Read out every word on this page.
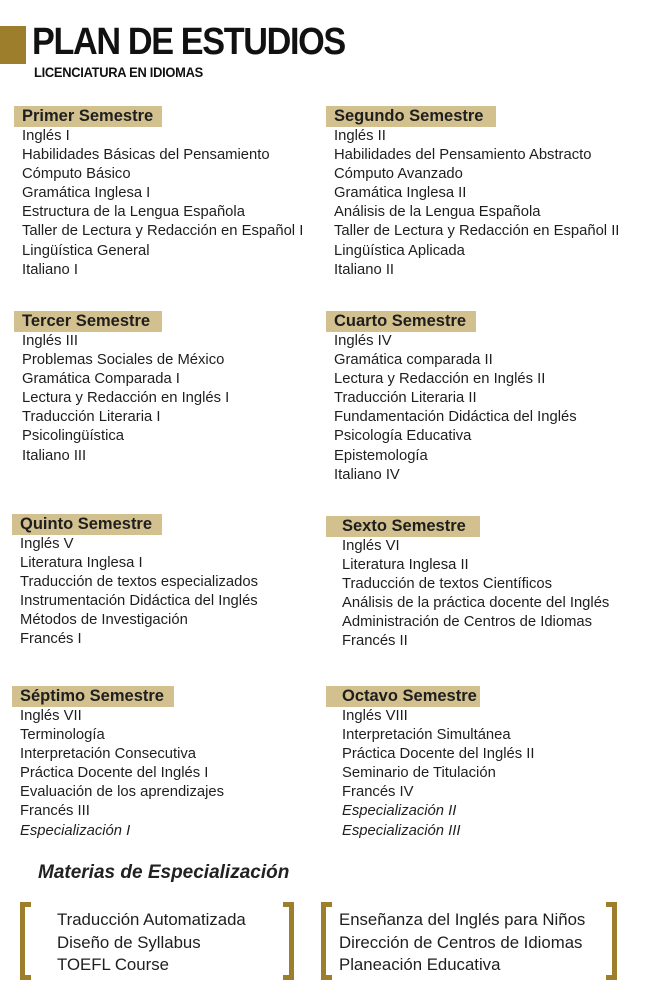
PLAN DE ESTUDIOS
LICENCIATURA EN IDIOMAS
Primer Semestre
Inglés I
Habilidades Básicas del Pensamiento
Cómputo Básico
Gramática Inglesa I
Estructura de la Lengua Española
Taller de Lectura y Redacción en Español I
Lingüística General
Italiano I
Segundo Semestre
Inglés II
Habilidades del Pensamiento Abstracto
Cómputo Avanzado
Gramática Inglesa II
Análisis de la Lengua Española
Taller de Lectura y Redacción en Español II
Lingüística Aplicada
Italiano II
Tercer Semestre
Inglés III
Problemas Sociales de México
Gramática Comparada I
Lectura y Redacción en Inglés I
Traducción Literaria I
Psicolingüística
Italiano III
Cuarto Semestre
Inglés IV
Gramática comparada II
Lectura y Redacción en Inglés II
Traducción Literaria II
Fundamentación Didáctica del Inglés
Psicología Educativa
Epistemología
Italiano IV
Quinto Semestre
Inglés V
Literatura Inglesa I
Traducción de textos especializados
Instrumentación Didáctica del Inglés
Métodos de Investigación
Francés I
Sexto Semestre
Inglés VI
Literatura Inglesa II
Traducción de textos Científicos
Análisis de la práctica docente del Inglés
Administración de Centros de Idiomas
Francés II
Séptimo Semestre
Inglés VII
Terminología
Interpretación Consecutiva
Práctica Docente del Inglés I
Evaluación de los aprendizajes
Francés III
Especialización I
Octavo Semestre
Inglés VIII
Interpretación Simultánea
Práctica Docente del Inglés II
Seminario de Titulación
Francés IV
Especialización II
Especialización III
Materias de Especialización
Traducción Automatizada
Diseño de Syllabus
TOEFL Course
Enseñanza del Inglés para Niños
Dirección de Centros de Idiomas
Planeación Educativa
